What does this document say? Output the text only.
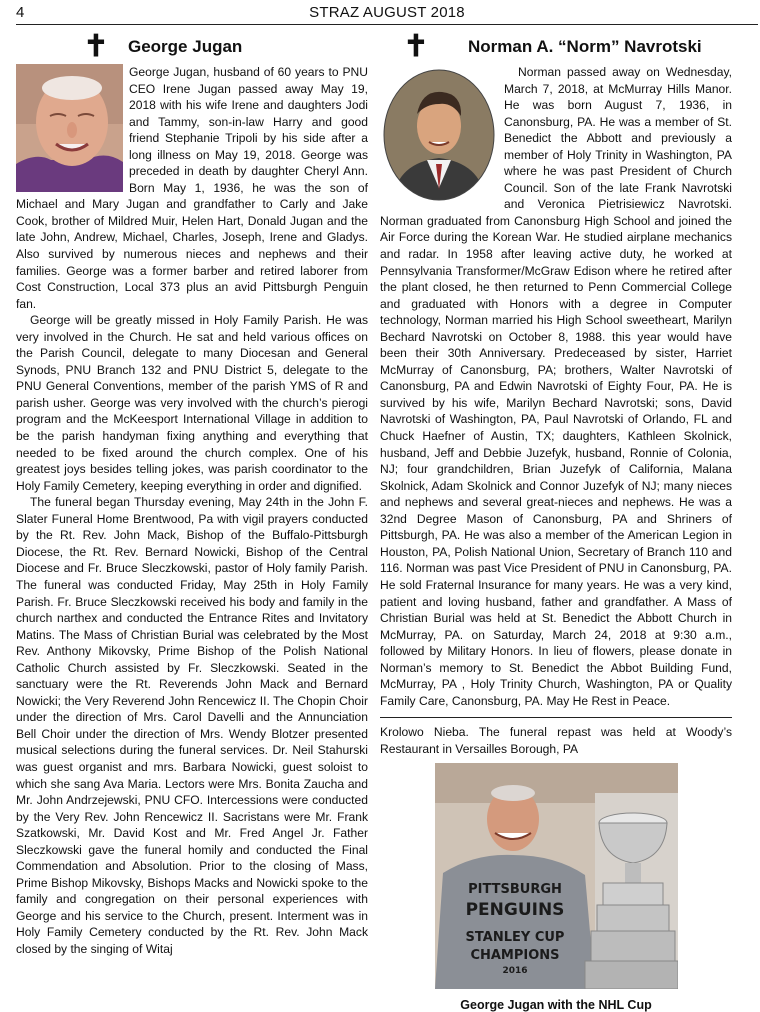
4	STRAZ AUGUST 2018
✝	George Jugan

George Jugan, husband of 60 years to PNU CEO Irene Jugan passed away May 19, 2018 with his wife Irene and daughters Jodi and Tammy, son-in-law Harry and good friend Stephanie Tripoli by his side after a long illness on May 19, 2018. George was preceded in death by daughter Cheryl Ann. Born May 1, 1936, he was the son of Michael and Mary Jugan and grandfather to Carly and Jake Cook, brother of Mildred Muir, Helen Hart, Donald Jugan and the late John, Andrew, Michael, Charles, Joseph, Irene and Gladys. Also survived by numerous nieces and nephews and their families. George was a former barber and retired laborer from Cost Construction, Local 373 plus an avid Pittsburgh Penguin fan.

George will be greatly missed in Holy Family Parish. He was very involved in the Church. He sat and held various offices on the Parish Council, delegate to many Diocesan and General Synods, PNU Branch 132 and PNU District 5, delegate to the PNU General Conventions, member of the parish YMS of R and parish usher. George was very involved with the church’s pierogi program and the McKeesport International Village in addition to be the parish handyman fixing anything and everything that needed to be fixed around the church complex. One of his greatest joys besides telling jokes, was parish coordinator to the Holy Family Cemetery, keeping everything in order and dignified.

The funeral began Thursday evening, May 24th in the John F. Slater Funeral Home Brentwood, Pa with vigil prayers conducted by the Rt. Rev. John Mack, Bishop of the Buffalo-Pittsburgh Diocese, the Rt. Rev. Bernard Nowicki, Bishop of the Central Diocese and Fr. Bruce Sleczkowski, pastor of Holy family Parish. The funeral was conducted Friday, May 25th in Holy Family Parish. Fr. Bruce Sleczkowski received his body and family in the church narthex and conducted the Entrance Rites and Invitatory Matins. The Mass of Christian Burial was celebrated by the Most Rev. Anthony Mikovsky, Prime Bishop of the Polish National Catholic Church assisted by Fr. Sleczkowski. Seated in the sanctuary were the Rt. Reverends John Mack and Bernard Nowicki; the Very Reverend John Rencewicz II. The Chopin Choir under the direction of Mrs. Carol Davelli and the Annunciation Bell Choir under the direction of Mrs. Wendy Blotzer presented musical selections during the funeral services. Dr. Neil Stahurski was guest organist and mrs. Barbara Nowicki, guest soloist to which she sang Ava Maria. Lectors were Mrs. Bonita Zaucha and Mr. John Andrzejewski, PNU CFO. Intercessions were conducted by the Very Rev. John Rencewicz II. Sacristans were Mr. Frank Szatkowski, Mr. David Kost and Mr. Fred Angel Jr. Father Sleczkowski gave the funeral homily and conducted the Final Commendation and Absolution. Prior to the closing of Mass, Prime Bishop Mikovsky, Bishops Macks and Nowicki spoke to the family and congregation on their personal experiences with George and his service to the Church, present. Interment was in Holy Family Cemetery conducted by the Rt. Rev. John Mack closed by the singing of Witaj

✝	Norman A. “Norm” Navrotski

Norman passed away on Wednesday, March 7, 2018, at McMurray Hills Manor. He was born August 7, 1936, in Canonsburg, PA. He was a member of St. Benedict the Abbott and previously a member of Holy Trinity in Washington, PA where he was past President of Church Council. Son of the late Frank Navrotski and Veronica Pietrisiewicz Navrotski. Norman graduated from Canonsburg High School and joined the Air Force during the Korean War. He studied airplane mechanics and radar. In 1958 after leaving active duty, he worked at Pennsylvania Transformer/McGraw Edison where he retired after the plant closed, he then returned to Penn Commercial College and graduated with Honors with a degree in Computer technology, Norman married his High School sweetheart, Marilyn Bechard Navrotski on October 8, 1988. this year would have been their 30th Anniversary. Predeceased by sister, Harriet McMurray of Canonsburg, PA; brothers, Walter Navrotski of Canonsburg, PA and Edwin Navrotski of Eighty Four, PA. He is survived by his wife, Marilyn Bechard Navrotski; sons, David Navrotski of Washington, PA, Paul Navrotski of Orlando, FL and Chuck Haefner of Austin, TX; daughters, Kathleen Skolnick, husband, Jeff and Debbie Juzefyk, husband, Ronnie of Colonia, NJ; four grandchildren, Brian Juzefyk of California, Malana Skolnick, Adam Skolnick and Connor Juzefyk of NJ; many nieces and nephews and several great-nieces and nephews. He was a 32nd Degree Mason of Canonsburg, PA and Shriners of Pittsburgh, PA. He was also a member of the American Legion in Houston, PA, Polish National Union, Secretary of Branch 110 and 116. Norman was past Vice President of PNU in Canonsburg, PA. He sold Fraternal Insurance for many years. He was a very kind, patient and loving husband, father and grandfather. A Mass of Christian Burial was held at St. Benedict the Abbott Church in McMurray, PA. on Saturday, March 24, 2018 at 9:30 a.m., followed by Military Honors. In lieu of flowers, please donate in Norman’s memory to St. Benedict the Abbot Building Fund, McMurray, PA , Holy Trinity Church, Washington, PA or Quality Family Care, Canonsburg, PA. May He Rest in Peace.

Krolowo Nieba. The funeral repast was held at Woody’s Restaurant in Versailles Borough, PA

PITTSBURGH
PENGUINS
STANLEY CUP
CHAMPIONS
2016
George Jugan with the NHL Cup
